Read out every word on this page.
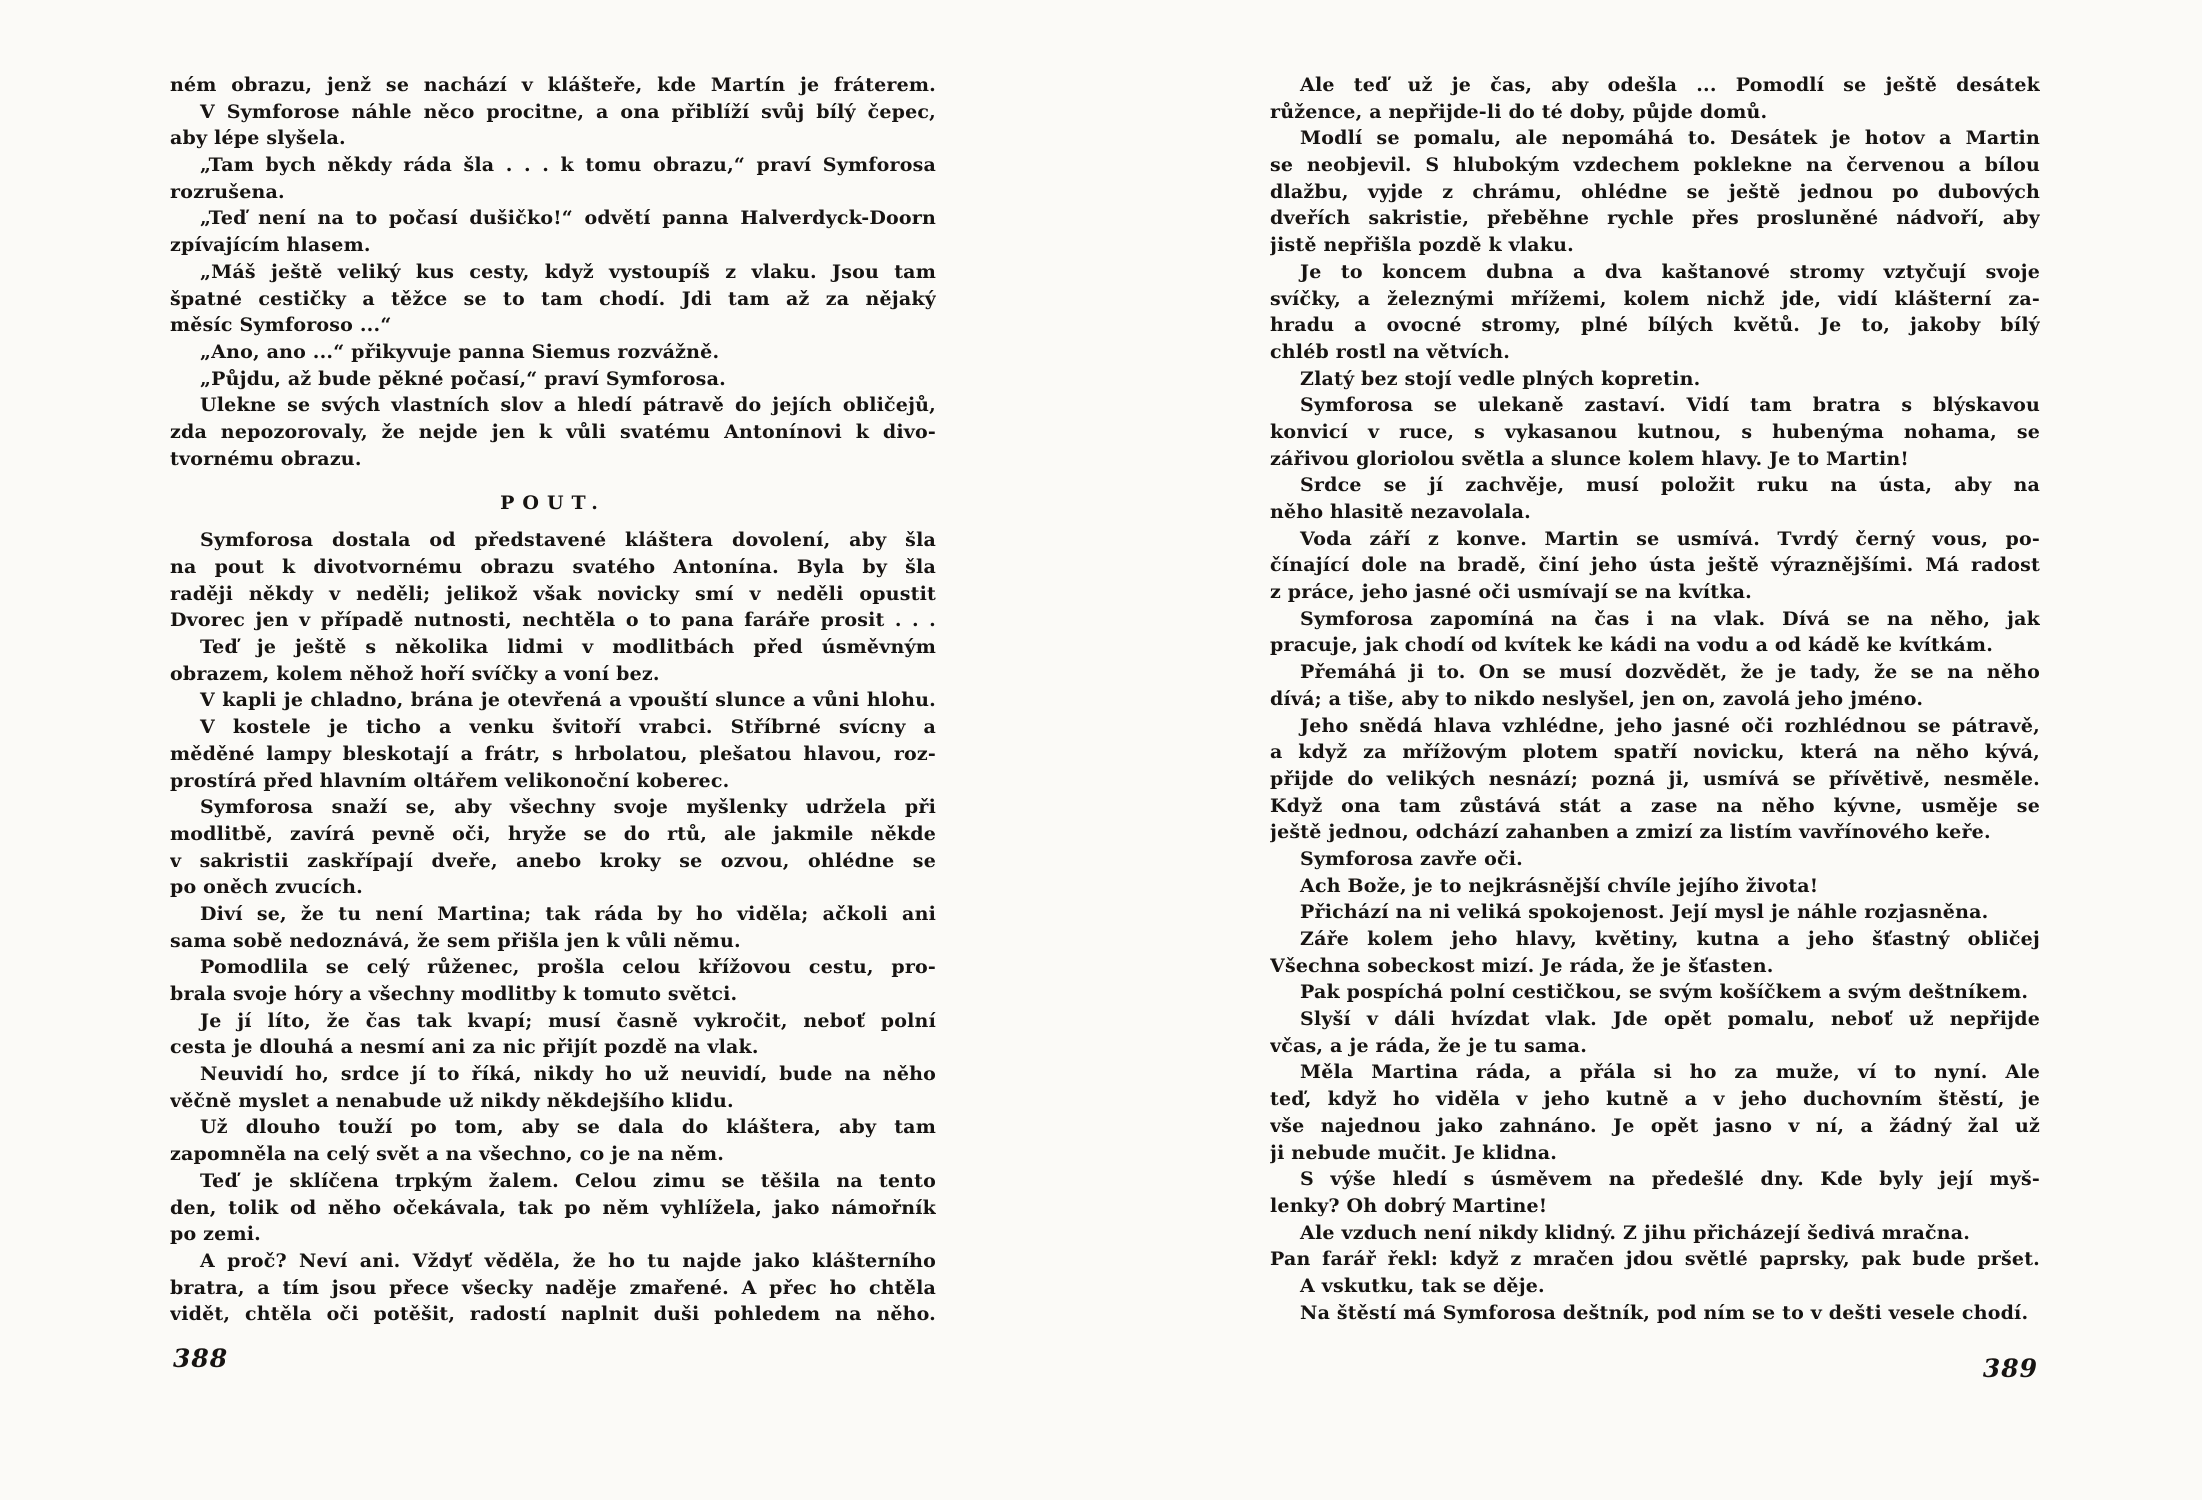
ném obrazu, jenž se nachází v klášteře, kde Martín je fráterem.
V Symforose náhle něco procitne, a ona přiblíží svůj bílý čepec,
aby lépe slyšela.
„Tam bych někdy ráda šla . . . k tomu obrazu,“ praví Symforosa
rozrušena.
„Teď není na to počasí dušičko!“ odvětí panna Halverdyck-Doorn
zpívajícím hlasem.
„Máš ještě veliký kus cesty, když vystoupíš z vlaku. Jsou tam
špatné cestičky a těžce se to tam chodí. Jdi tam až za nějaký
měsíc Symforoso ...“
„Ano, ano ...“ přikyvuje panna Siemus rozvážně.
„Půjdu, až bude pěkné počasí,“ praví Symforosa.
Ulekne se svých vlastních slov a hledí pátravě do jejích obličejů,
zda nepozorovaly, že nejde jen k vůli svatému Antonínovi k divo-
tvornému obrazu.
POUT.
Symforosa dostala od představené kláštera dovolení, aby šla
na pout k divotvornému obrazu svatého Antonína. Byla by šla
raději někdy v neděli; jelikož však novicky smí v neděli opustit
Dvorec jen v případě nutnosti, nechtěla o to pana faráře prosit . . .
Teď je ještě s několika lidmi v modlitbách před úsměvným
obrazem, kolem něhož hoří svíčky a voní bez.
V kapli je chladno, brána je otevřená a vpouští slunce a vůni hlohu.
V kostele je ticho a venku švitoří vrabci. Stříbrné svícny a
měděné lampy bleskotají a frátr, s hrbolatou, plešatou hlavou, roz-
prostírá před hlavním oltářem velikonoční koberec.
Symforosa snaží se, aby všechny svoje myšlenky udržela při
modlitbě, zavírá pevně oči, hryže se do rtů, ale jakmile někde
v sakristii zaskřípají dveře, anebo kroky se ozvou, ohlédne se
po oněch zvucích.
Diví se, že tu není Martina; tak ráda by ho viděla; ačkoli ani
sama sobě nedoznává, že sem přišla jen k vůli němu.
Pomodlila se celý růženec, prošla celou křížovou cestu, pro-
brala svoje hóry a všechny modlitby k tomuto světci.
Je jí líto, že čas tak kvapí; musí časně vykročit, neboť polní
cesta je dlouhá a nesmí ani za nic přijít pozdě na vlak.
Neuvidí ho, srdce jí to říká, nikdy ho už neuvidí, bude na něho
věčně myslet a nenabude už nikdy někdejšího klidu.
Už dlouho touží po tom, aby se dala do kláštera, aby tam
zapomněla na celý svět a na všechno, co je na něm.
Teď je sklíčena trpkým žalem. Celou zimu se těšila na tento
den, tolik od něho očekávala, tak po něm vyhlížela, jako námořník
po zemi.
A proč? Neví ani. Vždyť věděla, že ho tu najde jako klášterního
bratra, a tím jsou přece všecky naděje zmařené. A přec ho chtěla
vidět, chtěla oči potěšit, radostí naplnit duši pohledem na něho.
388
Ale teď už je čas, aby odešla ... Pomodlí se ještě desátek
růžence, a nepřijde-li do té doby, půjde domů.
Modlí se pomalu, ale nepomáhá to. Desátek je hotov a Martin
se neobjevil. S hlubokým vzdechem poklekne na červenou a bílou
dlažbu, vyjde z chrámu, ohlédne se ještě jednou po dubových
dveřích sakristie, přeběhne rychle přes prosluněné nádvoří, aby
jistě nepřišla pozdě k vlaku.
Je to koncem dubna a dva kaštanové stromy vztyčují svoje
svíčky, a železnými mřížemi, kolem nichž jde, vidí klášterní za-
hradu a ovocné stromy, plné bílých květů. Je to, jakoby bílý
chléb rostl na větvích.
Zlatý bez stojí vedle plných kopretin.
Symforosa se ulekaně zastaví. Vidí tam bratra s blýskavou
konvicí v ruce, s vykasanou kutnou, s hubenýma nohama, se
zářivou gloriolou světla a slunce kolem hlavy. Je to Martin!
Srdce se jí zachvěje, musí položit ruku na ústa, aby na
něho hlasitě nezavolala.
Voda září z konve. Martin se usmívá. Tvrdý černý vous, po-
čínající dole na bradě, činí jeho ústa ještě výraznějšími. Má radost
z práce, jeho jasné oči usmívají se na kvítka.
Symforosa zapomíná na čas i na vlak. Dívá se na něho, jak
pracuje, jak chodí od kvítek ke kádi na vodu a od kádě ke kvítkám.
Přemáhá ji to. On se musí dozvědět, že je tady, že se na něho
dívá; a tiše, aby to nikdo neslyšel, jen on, zavolá jeho jméno.
Jeho snědá hlava vzhlédne, jeho jasné oči rozhlédnou se pátravě,
a když za mřížovým plotem spatří novicku, která na něho kývá,
přijde do velikých nesnází; pozná ji, usmívá se přívětivě, nesměle.
Když ona tam zůstává stát a zase na něho kývne, usměje se
ještě jednou, odchází zahanben a zmizí za listím vavřínového keře.
Symforosa zavře oči.
Ach Bože, je to nejkrásnější chvíle jejího života!
Přichází na ni veliká spokojenost. Její mysl je náhle rozjasněna.
Záře kolem jeho hlavy, květiny, kutna a jeho šťastný obličej
Všechna sobeckost mizí. Je ráda, že je šťasten.
Pak pospíchá polní cestičkou, se svým košíčkem a svým deštníkem.
Slyší v dáli hvízdat vlak. Jde opět pomalu, neboť už nepřijde
včas, a je ráda, že je tu sama.
Měla Martina ráda, a přála si ho za muže, ví to nyní. Ale
teď, když ho viděla v jeho kutně a v jeho duchovním štěstí, je
vše najednou jako zahnáno. Je opět jasno v ní, a žádný žal už
ji nebude mučit. Je klidna.
S výše hledí s úsměvem na předešlé dny. Kde byly její myš-
lenky? Oh dobrý Martine!
Ale vzduch není nikdy klidný. Z jihu přicházejí šedivá mračna.
Pan farář řekl: když z mračen jdou světlé paprsky, pak bude pršet.
A vskutku, tak se děje.
Na štěstí má Symforosa deštník, pod ním se to v dešti vesele chodí.
389
